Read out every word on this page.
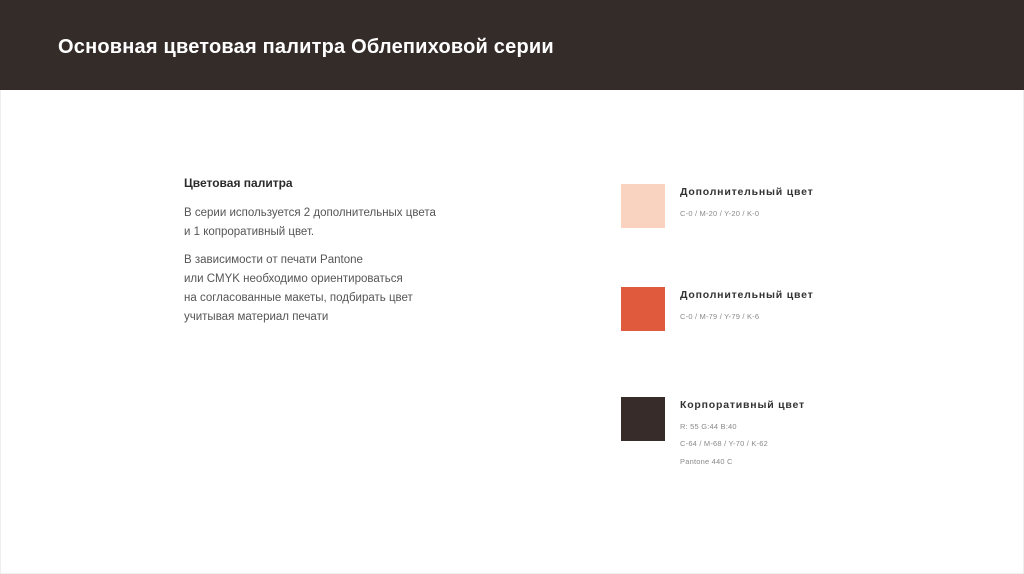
Основная цветовая палитра Облепиховой серии
Цветовая палитра
В серии используется 2 дополнительных цвета
и 1 копроративный цвет.
В зависимости от печати Pantone
или CMYK необходимо ориентироваться
на согласованные макеты, подбирать цвет
учитывая материал печати
Дополнительный цвет
C-0 / M-20 / Y-20 / K-0
Дополнительный цвет
C-0 / M-79 / Y-79 / K-6
Корпоративный цвет
R: 55 G:44 B:40
C-64 / M-68 / Y-70 / K-62
Pantone 440 C
